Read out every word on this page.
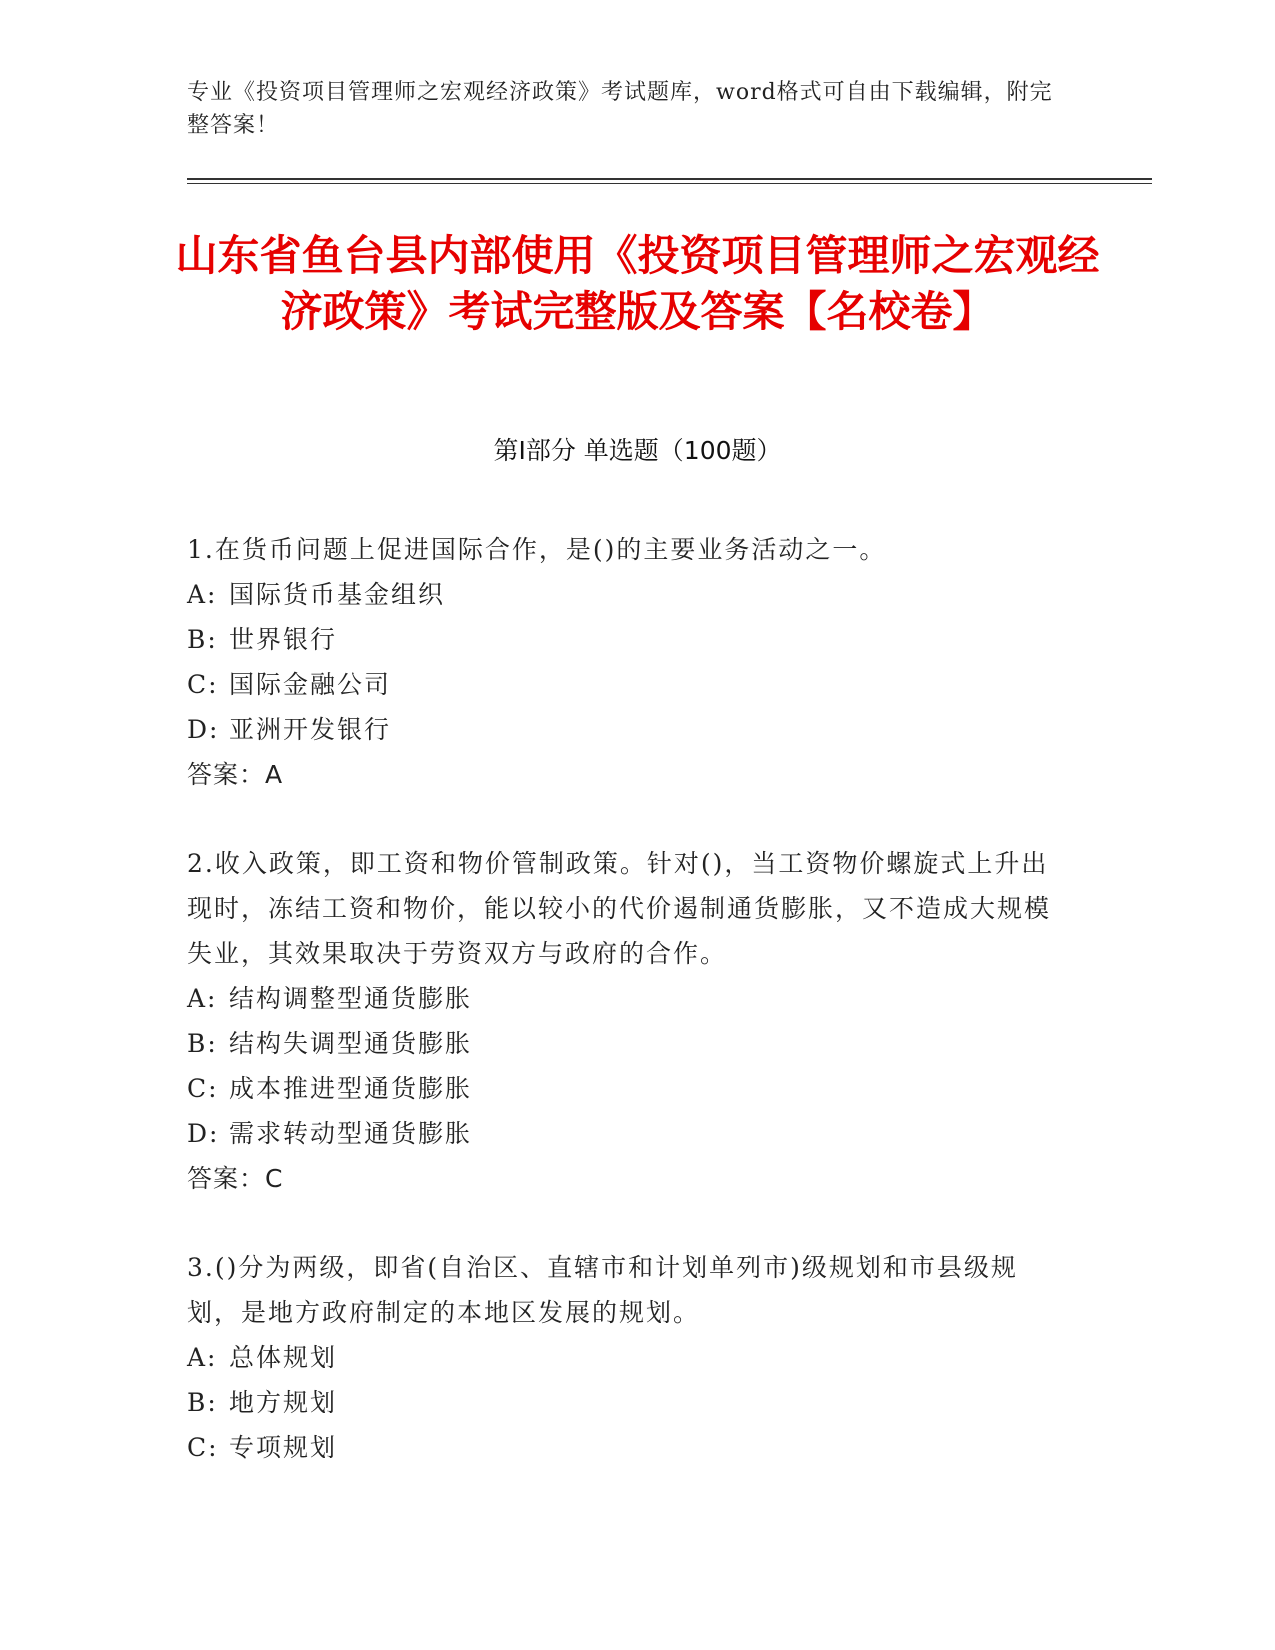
专业《投资项目管理师之宏观经济政策》考试题库，word格式可自由下载编辑，附完整答案！
山东省鱼台县内部使用《投资项目管理师之宏观经济政策》考试完整版及答案【名校卷】
第Ⅰ部分 单选题（100题）

1.在货币问题上促进国际合作，是()的主要业务活动之一。

A: 国际货币基金组织

B: 世界银行

C: 国际金融公司

D: 亚洲开发银行

答案：A

2.收入政策，即工资和物价管制政策。针对()，当工资物价螺旋式上升出现时，冻结工资和物价，能以较小的代价遏制通货膨胀，又不造成大规模失业，其效果取决于劳资双方与政府的合作。

A: 结构调整型通货膨胀

B: 结构失调型通货膨胀

C: 成本推进型通货膨胀

D: 需求转动型通货膨胀

答案：C

3.()分为两级，即省(自治区、直辖市和计划单列市)级规划和市县级规划，是地方政府制定的本地区发展的规划。

A: 总体规划

B: 地方规划

C: 专项规划
